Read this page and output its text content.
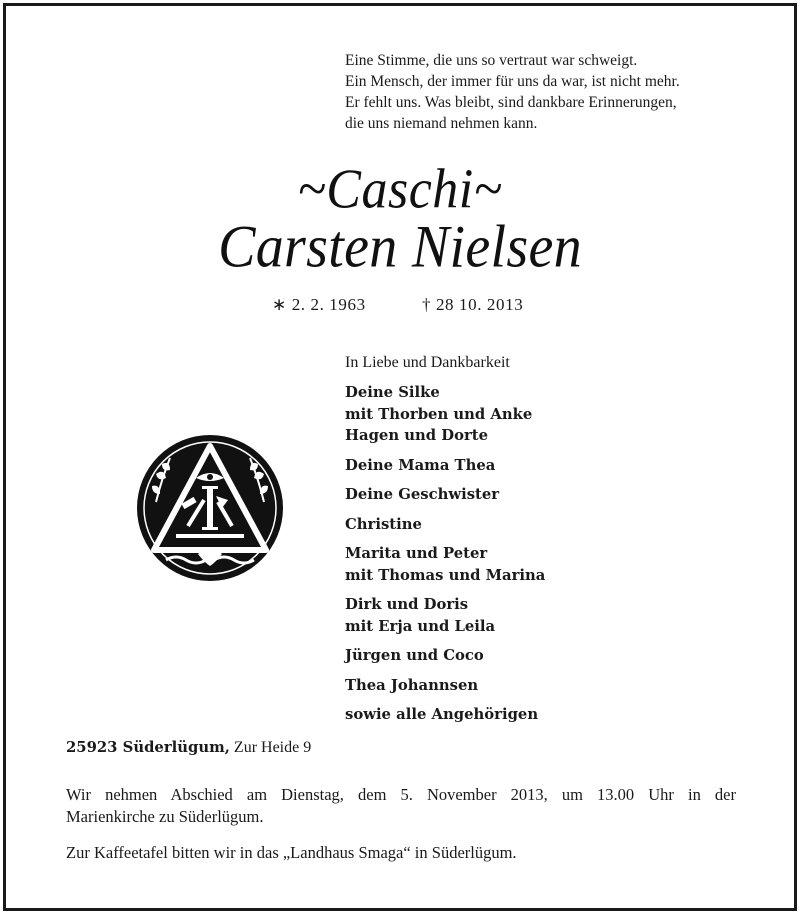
Eine Stimme, die uns so vertraut war schweigt.
Ein Mensch, der immer für uns da war, ist nicht mehr.
Er fehlt uns. Was bleibt, sind dankbare Erinnerungen,
die uns niemand nehmen kann.
~Caschi~
Carsten Nielsen
∗ 2. 2. 1963	† 28 10. 2013
In Liebe und Dankbarkeit
Deine Silke
mit Thorben und Anke
Hagen und Dorte
Deine Mama Thea
Deine Geschwister
Christine
Marita und Peter
mit Thomas und Marina
Dirk und Doris
mit Erja und Leila
Jürgen und Coco
Thea Johannsen
sowie alle Angehörigen
25923 Süderlügum, Zur Heide 9
Wir nehmen Abschied am Dienstag, dem 5. November 2013, um 13.00 Uhr in der
Marienkirche zu Süderlügum.
Zur Kaffeetafel bitten wir in das „Landhaus Smaga“ in Süderlügum.
